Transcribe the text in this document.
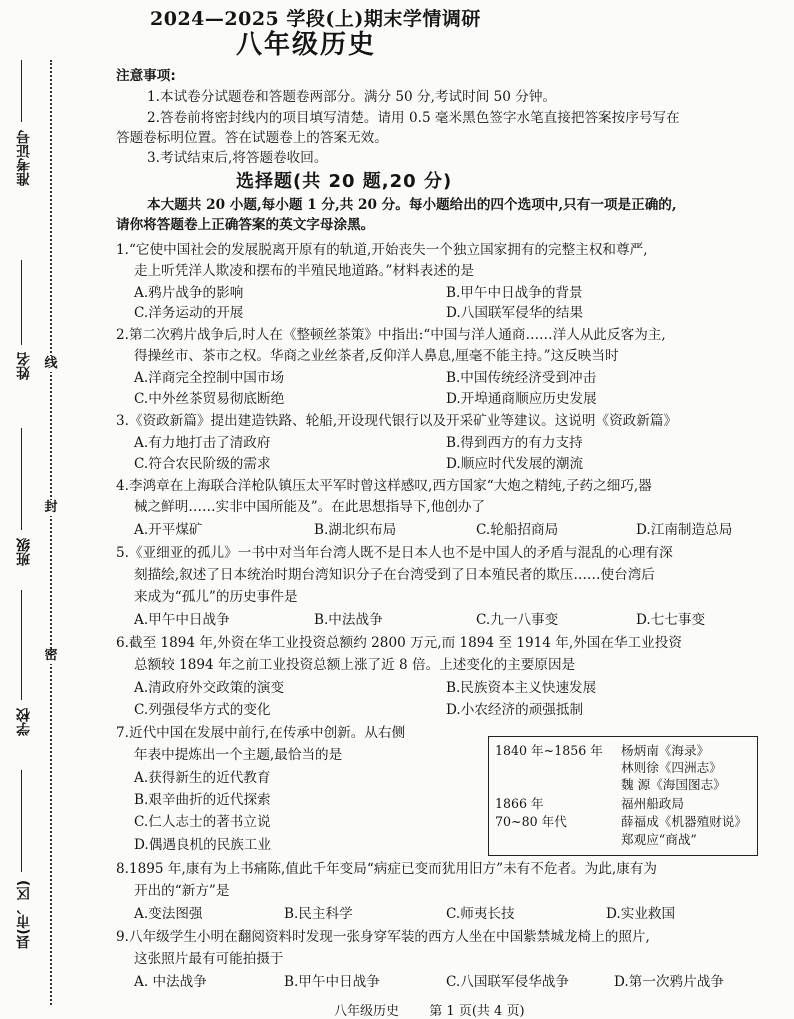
准考证号
姓名
班级
学校
县(市、区)
线
封
密
2024—2025 学段(上)期末学情调研
八年级历史
注意事项:
1.本试卷分试题卷和答题卷两部分。满分 50 分,考试时间 50 分钟。
2.答卷前将密封线内的项目填写清楚。请用 0.5 毫米黑色签字水笔直接把答案按序号写在
答题卷标明位置。答在试题卷上的答案无效。
3.考试结束后,将答题卷收回。
选择题(共 20 题,20 分)
本大题共 20 小题,每小题 1 分,共 20 分。每小题给出的四个选项中,只有一项是正确的,
请你将答题卷上正确答案的英文字母涂黑。
1.“它使中国社会的发展脱离开原有的轨道,开始丧失一个独立国家拥有的完整主权和尊严,
走上听凭洋人欺凌和摆布的半殖民地道路。”材料表述的是
A.鸦片战争的影响	B.甲午中日战争的背景
C.洋务运动的开展	D.八国联军侵华的结果
2.第二次鸦片战争后,时人在《整顿丝茶策》中指出:“中国与洋人通商……洋人从此反客为主,
得操丝市、茶市之权。华商之业丝茶者,反仰洋人鼻息,厘毫不能主持。”这反映当时
A.洋商完全控制中国市场	B.中国传统经济受到冲击
C.中外丝茶贸易彻底断绝	D.开埠通商顺应历史发展
3.《资政新篇》提出建造铁路、轮船,开设现代银行以及开采矿业等建议。这说明《资政新篇》
A.有力地打击了清政府	B.得到西方的有力支持
C.符合农民阶级的需求	D.顺应时代发展的潮流
4.李鸿章在上海联合洋枪队镇压太平军时曾这样感叹,西方国家“大炮之精纯,子药之细巧,器
械之鲜明……实非中国所能及”。在此思想指导下,他创办了
A.开平煤矿	B.湖北织布局	C.轮船招商局	D.江南制造总局
5.《亚细亚的孤儿》一书中对当年台湾人既不是日本人也不是中国人的矛盾与混乱的心理有深
刻描绘,叙述了日本统治时期台湾知识分子在台湾受到了日本殖民者的欺压……使台湾后
来成为“孤儿”的历史事件是
A.甲午中日战争	B.中法战争	C.九一八事变	D.七七事变
6.截至 1894 年,外资在华工业投资总额约 2800 万元,而 1894 至 1914 年,外国在华工业投资
总额较 1894 年之前工业投资总额上涨了近 8 倍。上述变化的主要原因是
A.清政府外交政策的演变	B.民族资本主义快速发展
C.列强侵华方式的变化	D.小农经济的顽强抵制
7.近代中国在发展中前行,在传承中创新。从右侧
年表中提炼出一个主题,最恰当的是
A.获得新生的近代教育
B.艰辛曲折的近代探索
C.仁人志士的著书立说
D.偶遇良机的民族工业
1840 年~1856 年 杨炳南《海录》
林则徐《四洲志》
魏 源《海国图志》
1866 年	福州船政局
70~80 年代	薛福成《机器殖财说》
郑观应“商战”
8.1895 年,康有为上书痛陈,值此千年变局“病症已变而犹用旧方”未有不危者。为此,康有为
开出的“新方”是
A.变法图强	B.民主科学	C.师夷长技	D.实业救国
9.八年级学生小明在翻阅资料时发现一张身穿军装的西方人坐在中国紫禁城龙椅上的照片,
这张照片最有可能拍摄于
A. 中法战争	B.甲午中日战争	C.八国联军侵华战争	D.第一次鸦片战争
八年级历史 第 1 页(共 4 页)
